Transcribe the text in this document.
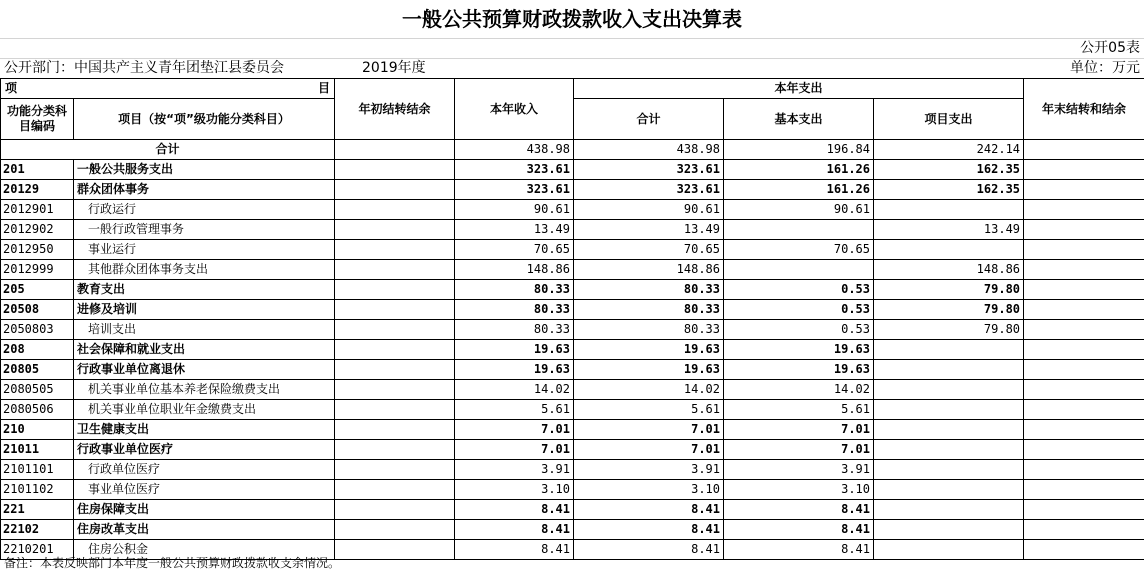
一般公共预算财政拨款收入支出决算表
公开05表
公开部门：中国共产主义青年团垫江县委员会	2019年度	单位：万元
项 目		年初结转结余	本年收入	本年支出			年末结转和结余
功能分类科目编码	项目（按“项”级功能分类科目）			合计	基本支出	项目支出	
合计			438.98	438.98	196.84	242.14	
201	一般公共服务支出		323.61	323.61	161.26	162.35	
20129	群众团体事务		323.61	323.61	161.26	162.35	
2012901	行政运行		90.61	90.61	90.61		
2012902	一般行政管理事务		13.49	13.49		13.49	
2012950	事业运行		70.65	70.65	70.65		
2012999	其他群众团体事务支出		148.86	148.86		148.86	
205	教育支出		80.33	80.33	0.53	79.80	
20508	进修及培训		80.33	80.33	0.53	79.80	
2050803	培训支出		80.33	80.33	0.53	79.80	
208	社会保障和就业支出		19.63	19.63	19.63		
20805	行政事业单位离退休		19.63	19.63	19.63		
2080505	机关事业单位基本养老保险缴费支出		14.02	14.02	14.02		
2080506	机关事业单位职业年金缴费支出		5.61	5.61	5.61		
210	卫生健康支出		7.01	7.01	7.01		
21011	行政事业单位医疗		7.01	7.01	7.01		
2101101	行政单位医疗		3.91	3.91	3.91		
2101102	事业单位医疗		3.10	3.10	3.10		
221	住房保障支出		8.41	8.41	8.41		
22102	住房改革支出		8.41	8.41	8.41		
2210201	住房公积金		8.41	8.41	8.41		
备注：本表反映部门本年度一般公共预算财政拨款收支余情况。
